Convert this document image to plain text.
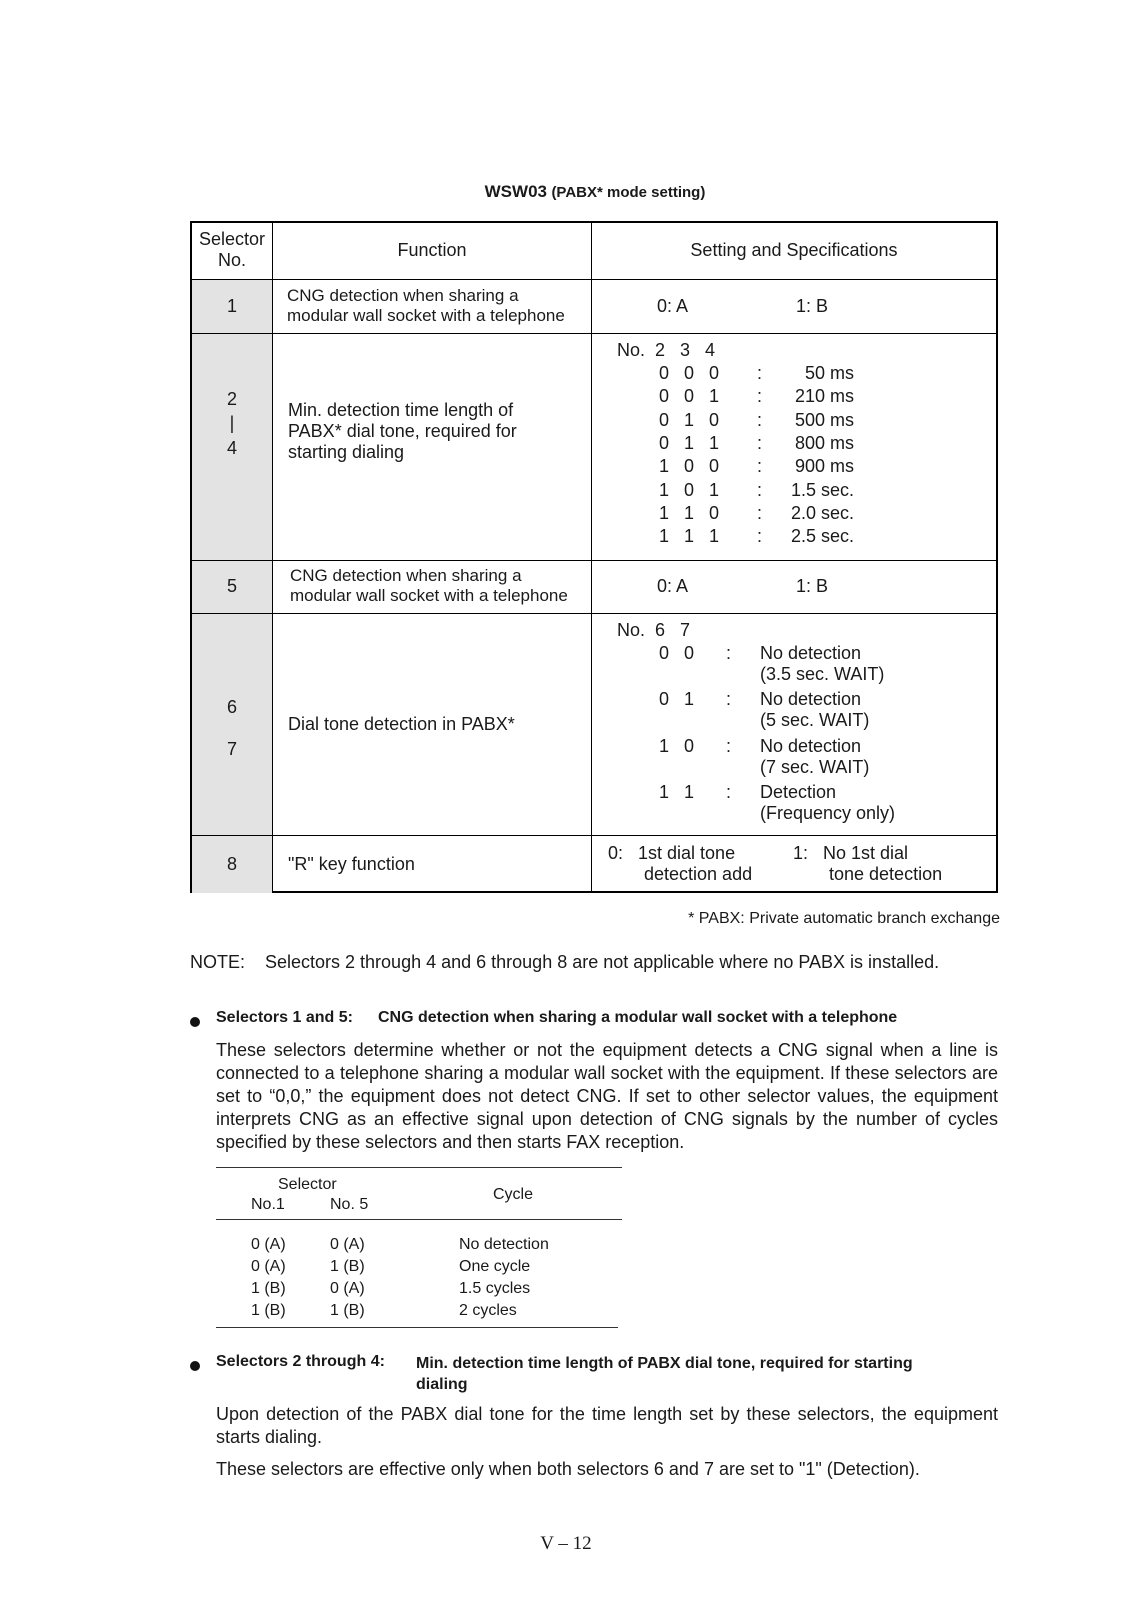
WSW03 (PABX* mode setting)
Selector No.	Function	Setting and Specifications
1
CNG detection when sharing a modular wall socket with a telephone	0: A	1: B
2
|
4
Min. detection time length of PABX* dial tone, required for starting dialing
No.  2   3   4
0   0   0 :	50 ms
0   0   1 :	210 ms
0   1   0 :	500 ms
0   1   1 :	800 ms
1   0   0 :	900 ms
1   0   1 :	1.5 sec.
1   1   0 :	2.0 sec.
1   1   1 :	2.5 sec.
5
CNG detection when sharing a modular wall socket with a telephone	0: A	1: B
6
7
Dial tone detection in PABX*
No.  6   7
0   0 : No detection
(3.5 sec. WAIT)
0   1 : No detection
(5 sec. WAIT)
1   0 : No detection
(7 sec. WAIT)
1   1 : Detection
(Frequency only)
8	"R" key function
0:   1st dial tone
detection add
1:   No 1st dial
tone detection
* PABX: Private automatic branch exchange
NOTE: Selectors 2 through 4 and 6 through 8 are not applicable where no PABX is installed.
Selectors 1 and 5: CNG detection when sharing a modular wall socket with a telephone
These selectors determine whether or not the equipment detects a CNG signal when a line is connected to a telephone sharing a modular wall socket with the equipment. If these selectors are set to “0,0,” the equipment does not detect CNG. If set to other selector values, the equipment interprets CNG as an effective signal upon detection of CNG signals by the number of cycles specified by these selectors and then starts FAX reception.
Selector
No.1	No. 5
Cycle
0 (A)	0 (A)	No detection
0 (A)	1 (B)	One cycle
1 (B)	0 (A)	1.5 cycles
1 (B)	1 (B)	2 cycles
Selectors 2 through 4: Min. detection time length of PABX dial tone, required for starting
dialing
Upon detection of the PABX dial tone for the time length set by these selectors, the equipment starts dialing.
These selectors are effective only when both selectors 6 and 7 are set to "1" (Detection).
V – 12
